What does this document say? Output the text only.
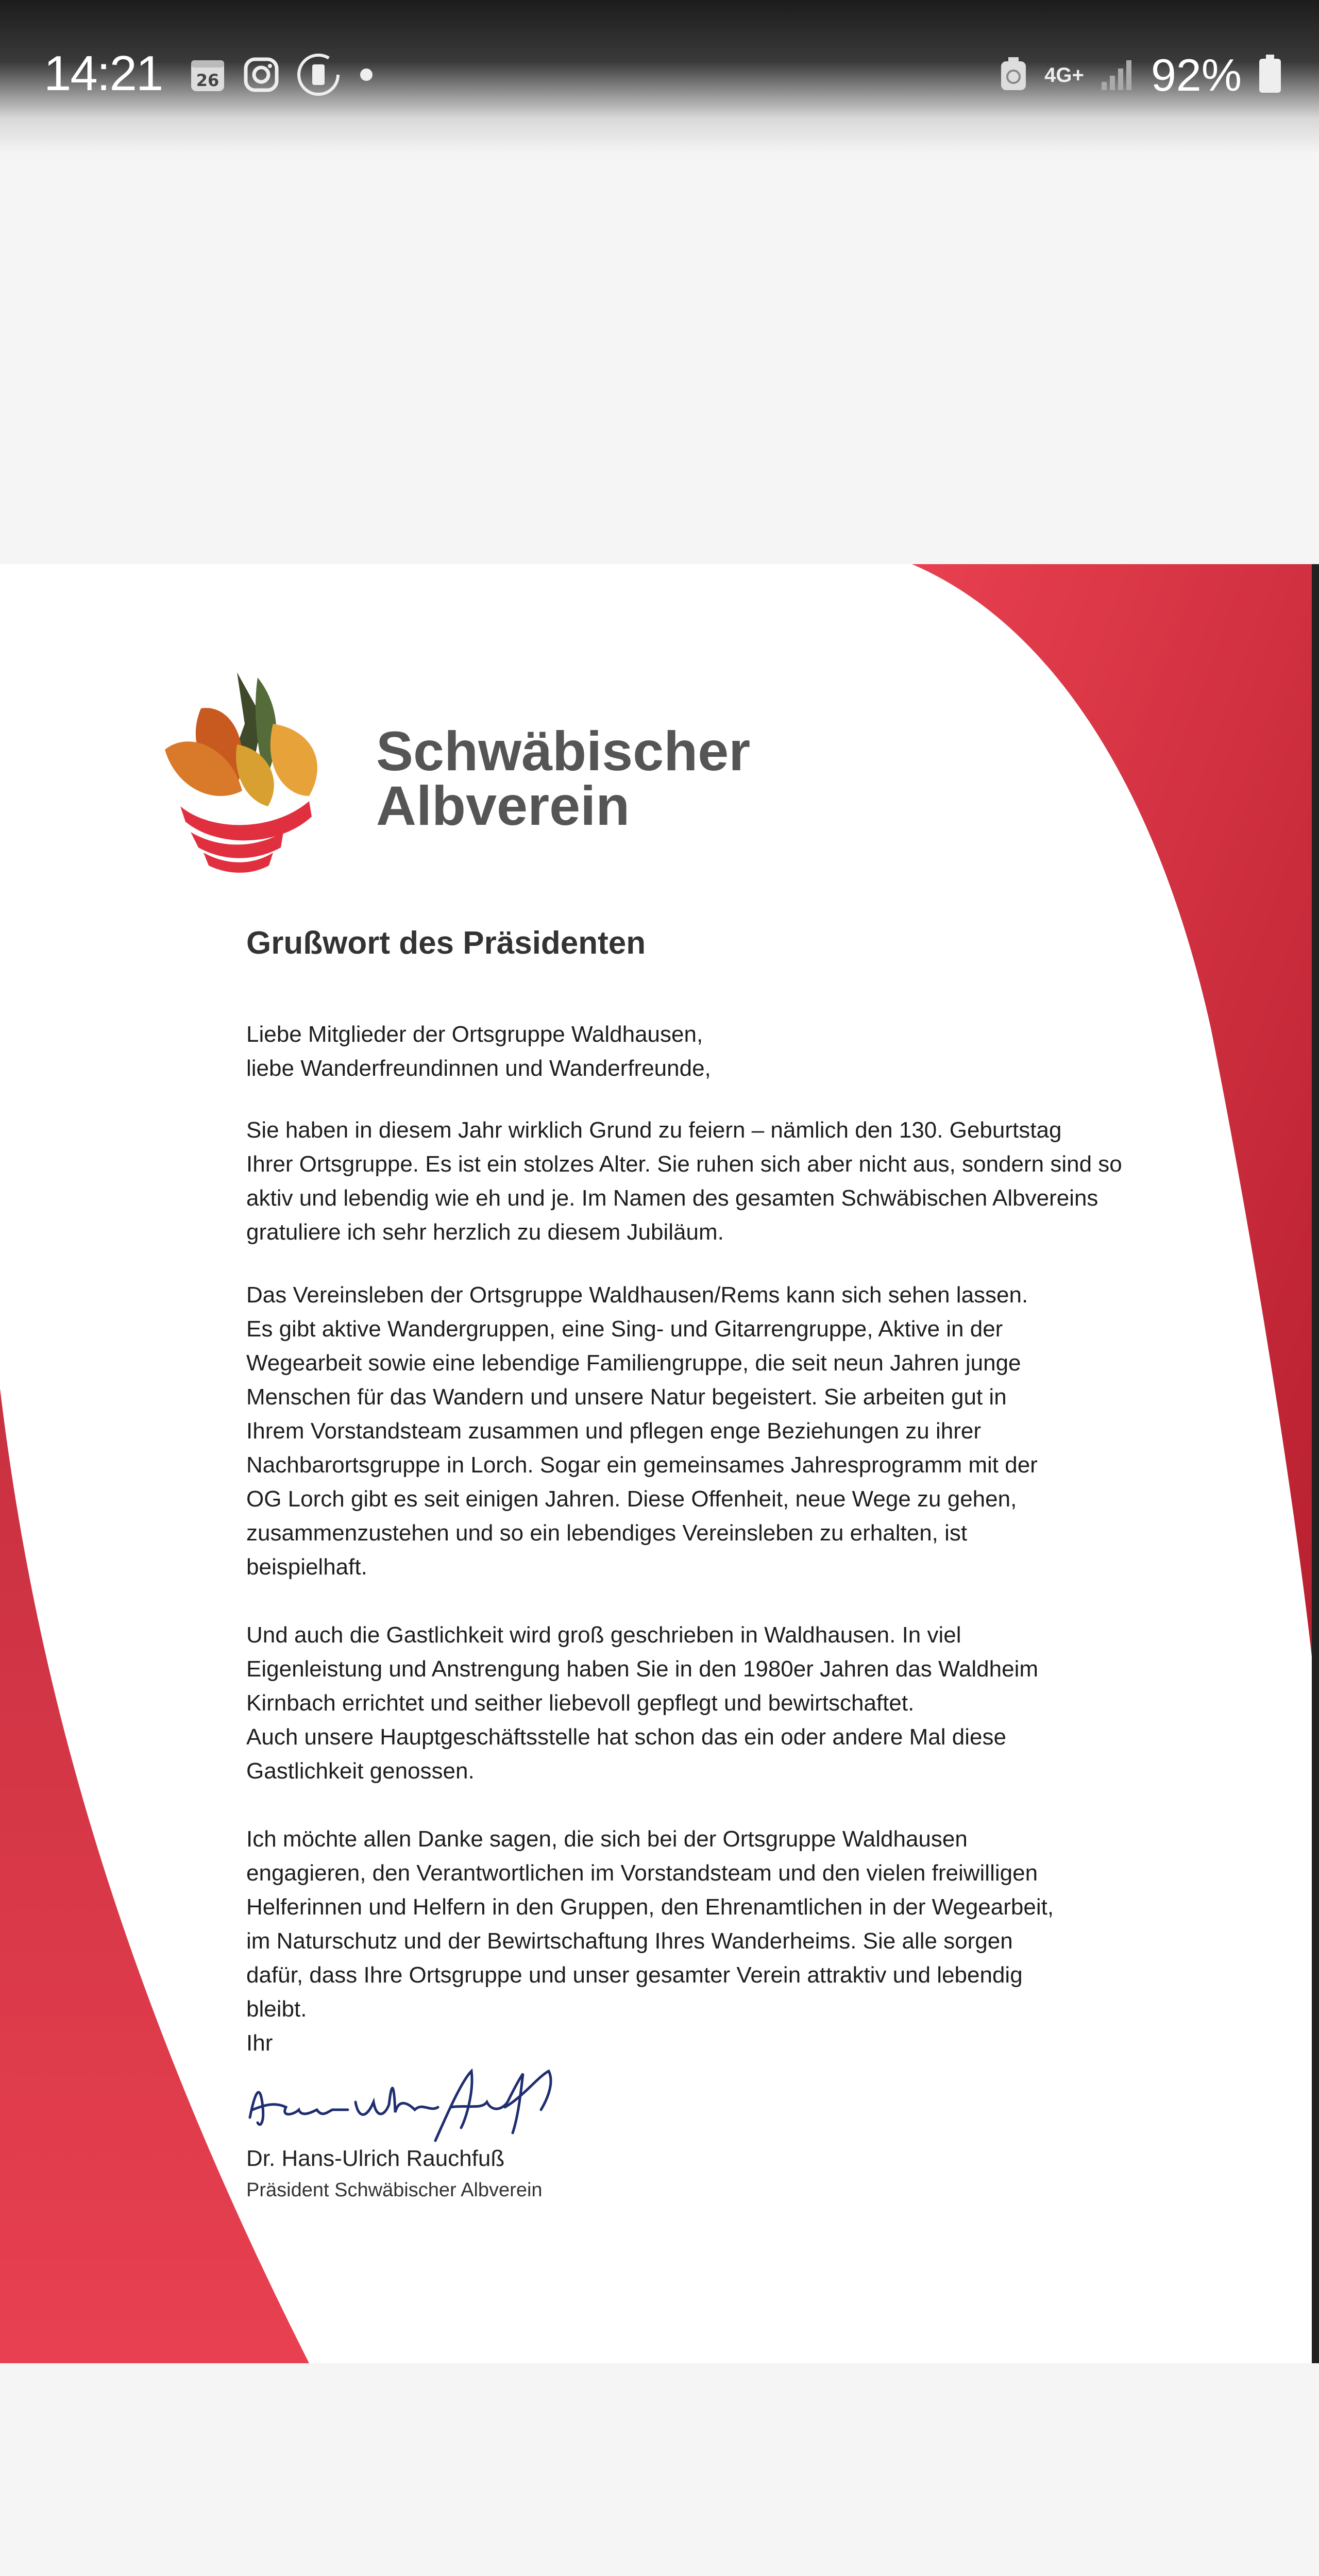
14:21 26	4G+ 92%
Schwäbischer
Albverein
Grußwort des Präsidenten
Liebe Mitglieder der Ortsgruppe Waldhausen,
liebe Wanderfreundinnen und Wanderfreunde,
Sie haben in diesem Jahr wirklich Grund zu feiern – nämlich den 130. Geburtstag
Ihrer Ortsgruppe. Es ist ein stolzes Alter. Sie ruhen sich aber nicht aus, sondern sind so
aktiv und lebendig wie eh und je. Im Namen des gesamten Schwäbischen Albvereins
gratuliere ich sehr herzlich zu diesem Jubiläum.
Das Vereinsleben der Ortsgruppe Waldhausen/Rems kann sich sehen lassen.
Es gibt aktive Wandergruppen, eine Sing- und Gitarrengruppe, Aktive in der
Wegearbeit sowie eine lebendige Familiengruppe, die seit neun Jahren junge
Menschen für das Wandern und unsere Natur begeistert. Sie arbeiten gut in
Ihrem Vorstandsteam zusammen und pflegen enge Beziehungen zu ihrer
Nachbarortsgruppe in Lorch. Sogar ein gemeinsames Jahresprogramm mit der
OG Lorch gibt es seit einigen Jahren. Diese Offenheit, neue Wege zu gehen,
zusammenzustehen und so ein lebendiges Vereinsleben zu erhalten, ist
beispielhaft.
Und auch die Gastlichkeit wird groß geschrieben in Waldhausen. In viel
Eigenleistung und Anstrengung haben Sie in den 1980er Jahren das Waldheim
Kirnbach errichtet und seither liebevoll gepflegt und bewirtschaftet.
Auch unsere Hauptgeschäftsstelle hat schon das ein oder andere Mal diese
Gastlichkeit genossen.
Ich möchte allen Danke sagen, die sich bei der Ortsgruppe Waldhausen
engagieren, den Verantwortlichen im Vorstandsteam und den vielen freiwilligen
Helferinnen und Helfern in den Gruppen, den Ehrenamtlichen in der Wegearbeit,
im Naturschutz und der Bewirtschaftung Ihres Wanderheims. Sie alle sorgen
dafür, dass Ihre Ortsgruppe und unser gesamter Verein attraktiv und lebendig
bleibt.
Ihr
Dr. Hans-Ulrich Rauchfuß
Präsident Schwäbischer Albverein
